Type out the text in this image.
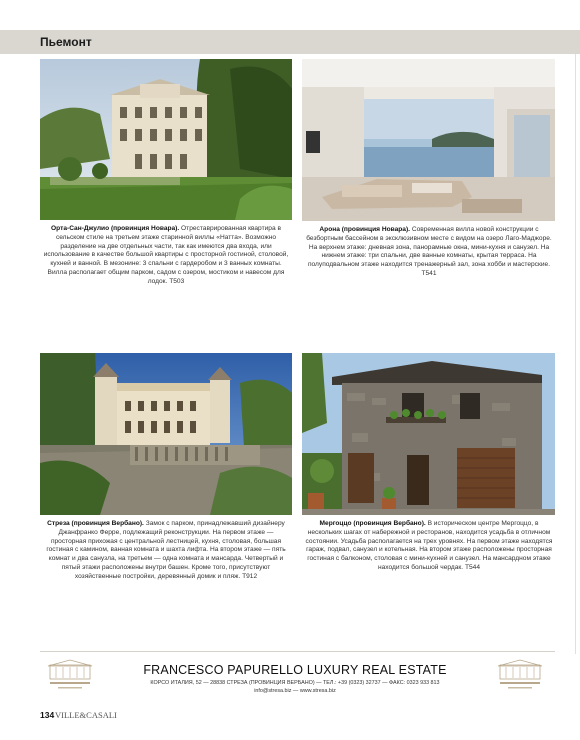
Пьемонт
Орта-Сан-Джулио (провинция Новара). Отреставрированная квартира в сельском стиле на третьем этаже старинной виллы «Натта». Возможно разделение на две отдельных части, так как имеются два входа, или использование в качестве большой квартиры с просторной гостиной, столовой, кухней и ванной. В мезонине: 3 спальни с гардеробом и 3 ванных комнаты. Вилла располагает общим парком, садом с озером, мостиком и навесом для лодок. T503
Арона (провинция Новара). Современная вилла новой конструкции с безбортным бассейном в эксклюзивном месте с видом на озеро Лаго-Маджоре. На верхнем этаже: дневная зона, панорамные окна, мини-кухня и санузел. На нижнем этаже: три спальни, две ванные комнаты, крытая терраса. На полуподвальном этаже находится тренажерный зал, зона хобби и мастерские. T541
Стреза (провинция Вербано). Замок с парком, принадлежавший дизайнеру Джанфранко Ферре, подлежащий реконструкции. На первом этаже — просторная прихожая с центральной лестницей, кухня, столовая, большая гостиная с камином, ванная комната и шахта лифта. На втором этаже — пять комнат и два санузла, на третьем — одна комната и мансарда. Четвертый и пятый этажи расположены внутри башен. Кроме того, присутствуют хозяйственные постройки, деревянный домик и пляж. T912
Мергоццо (провинция Вербано). В историческом центре Мергоццо, в нескольких шагах от набережной и ресторанов, находится усадьба в отличном состоянии. Усадьба располагается на трех уровнях. На первом этаже находятся гараж, подвал, санузел и котельная. На втором этаже расположены просторная гостиная с балконом, столовая с мини-кухней и санузел. На мансардном этаже находится большой чердак. T544
FRANCESCO PAPURELLO LUXURY REAL ESTATE
КОРСО ИТАЛИЯ, 52 — 28838 СТРЕЗА (ПРОВИНЦИЯ ВЕРБАНО) — ТЕЛ.: +39 (0323) 32737 — ФАКС: 0323 933 813
info@stresa.biz — www.stresa.biz
134 VILLE&CASALI
